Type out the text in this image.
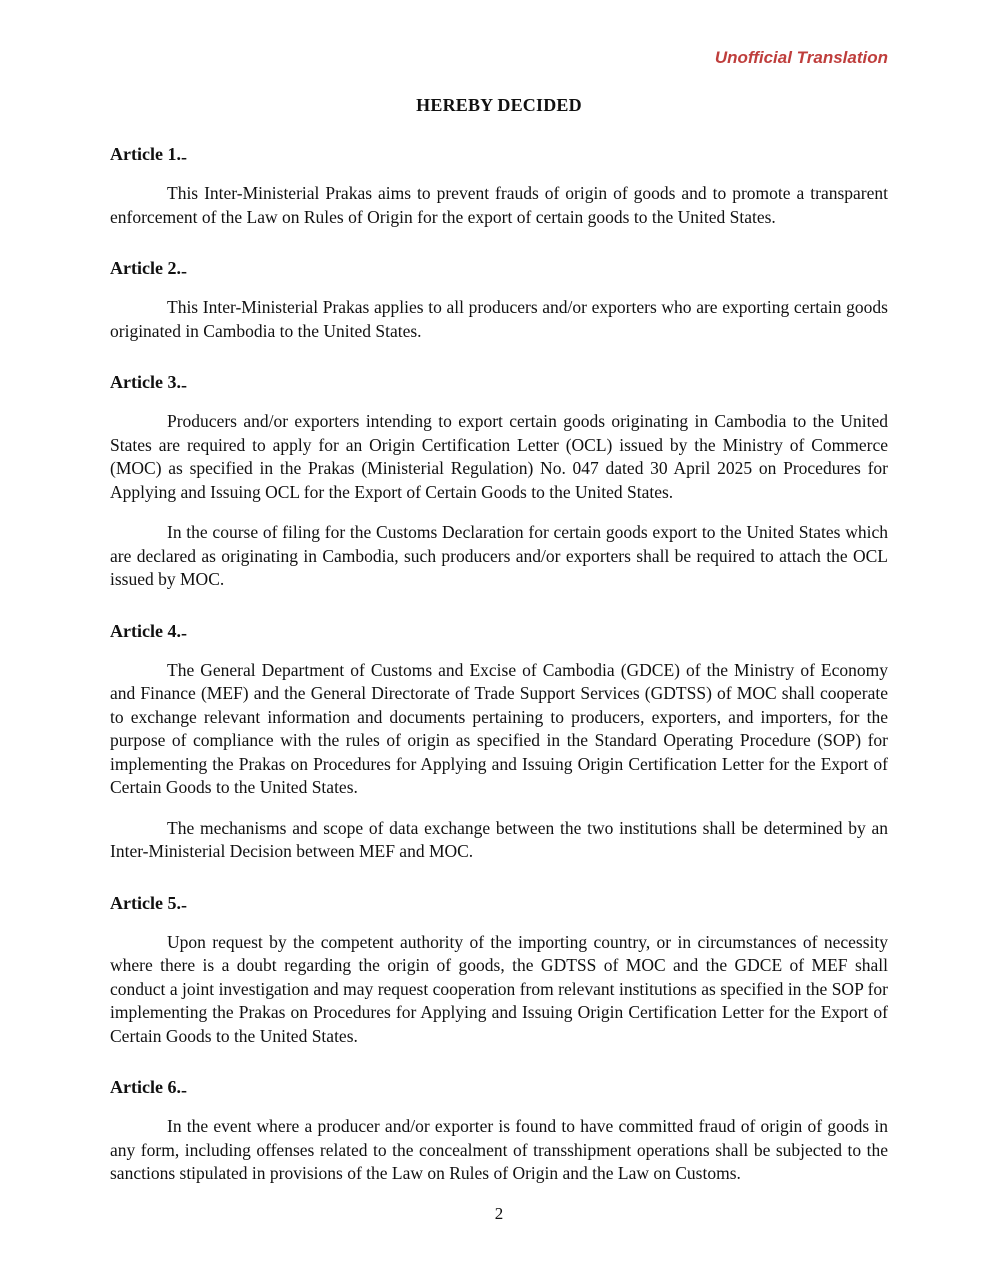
Unofficial Translation
HEREBY DECIDED
Article 1.-

This Inter-Ministerial Prakas aims to prevent frauds of origin of goods and to promote a transparent enforcement of the Law on Rules of Origin for the export of certain goods to the United States.

Article 2.-

This Inter-Ministerial Prakas applies to all producers and/or exporters who are exporting certain goods originated in Cambodia to the United States.

Article 3.-

Producers and/or exporters intending to export certain goods originating in Cambodia to the United States are required to apply for an Origin Certification Letter (OCL) issued by the Ministry of Commerce (MOC) as specified in the Prakas (Ministerial Regulation) No. 047 dated 30 April 2025 on Procedures for Applying and Issuing OCL for the Export of Certain Goods to the United States.

In the course of filing for the Customs Declaration for certain goods export to the United States which are declared as originating in Cambodia, such producers and/or exporters shall be required to attach the OCL issued by MOC.

Article 4.-

The General Department of Customs and Excise of Cambodia (GDCE) of the Ministry of Economy and Finance (MEF) and the General Directorate of Trade Support Services (GDTSS) of MOC shall cooperate to exchange relevant information and documents pertaining to producers, exporters, and importers, for the purpose of compliance with the rules of origin as specified in the Standard Operating Procedure (SOP) for implementing the Prakas on Procedures for Applying and Issuing Origin Certification Letter for the Export of Certain Goods to the United States.

The mechanisms and scope of data exchange between the two institutions shall be determined by an Inter-Ministerial Decision between MEF and MOC.

Article 5.-

Upon request by the competent authority of the importing country, or in circumstances of necessity where there is a doubt regarding the origin of goods, the GDTSS of MOC and the GDCE of MEF shall conduct a joint investigation and may request cooperation from relevant institutions as specified in the SOP for implementing the Prakas on Procedures for Applying and Issuing Origin Certification Letter for the Export of Certain Goods to the United States.

Article 6.-

In the event where a producer and/or exporter is found to have committed fraud of origin of goods in any form, including offenses related to the concealment of transshipment operations shall be subjected to the sanctions stipulated in provisions of the Law on Rules of Origin and the Law on Customs.

2
